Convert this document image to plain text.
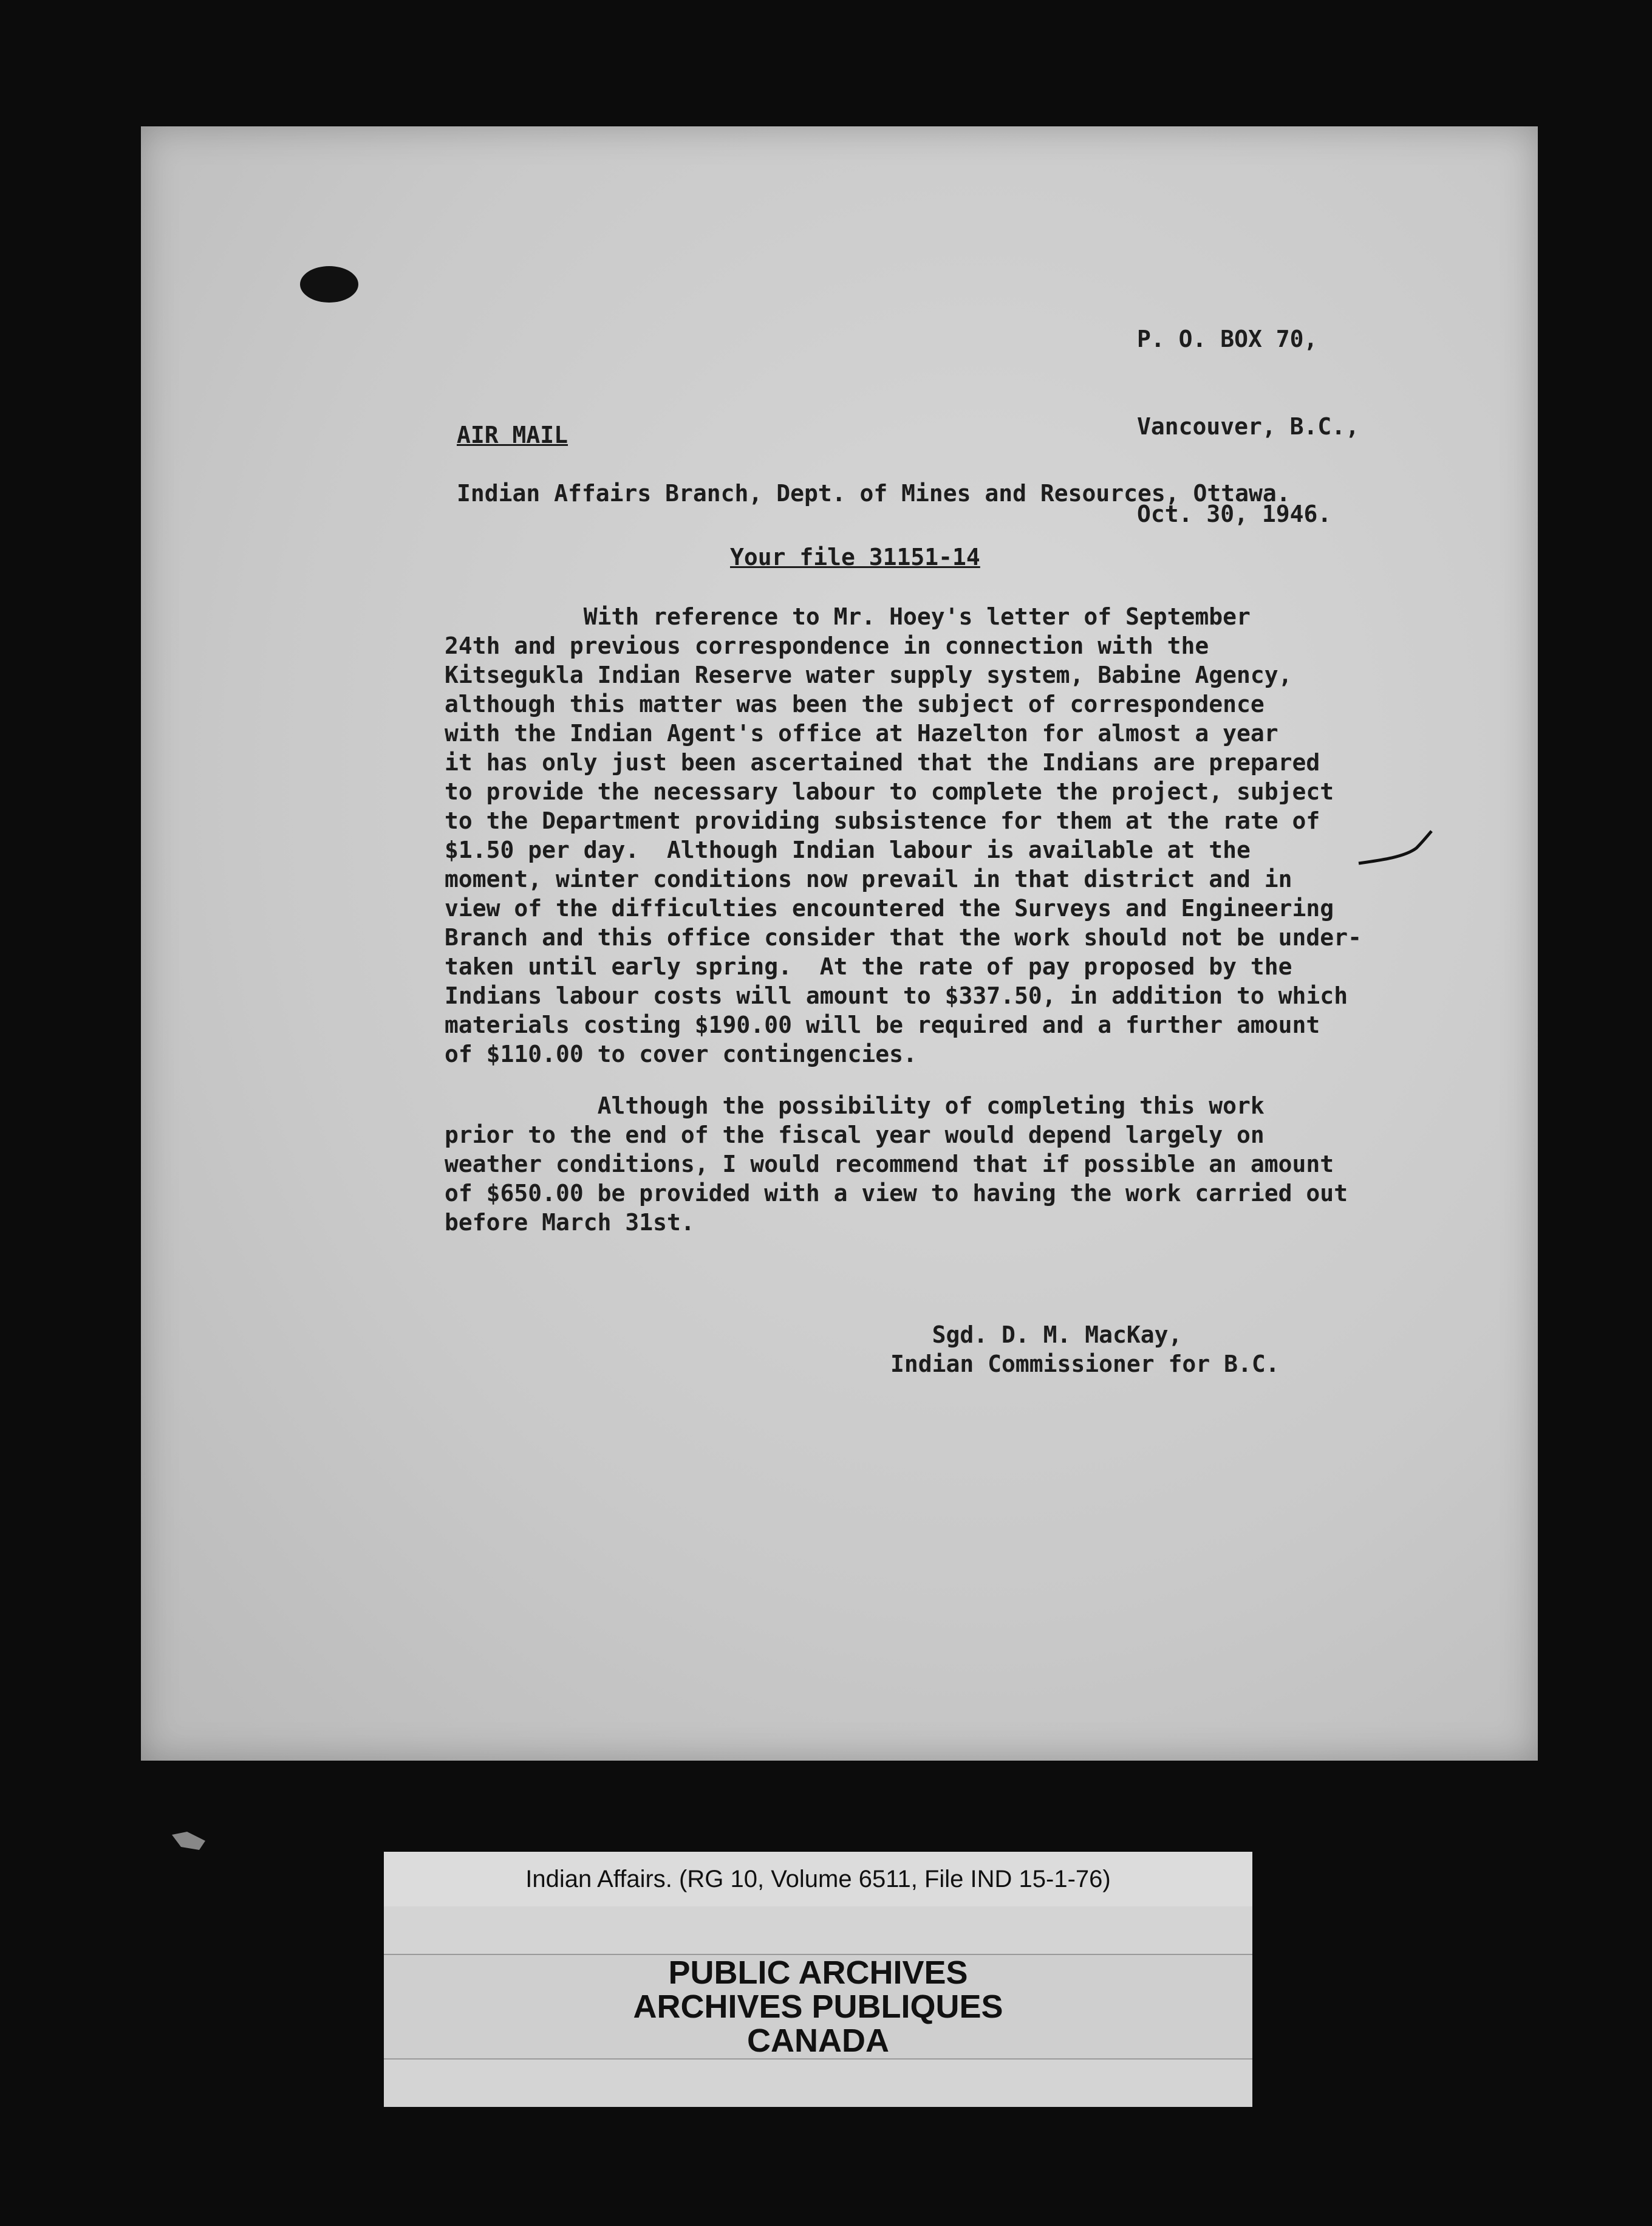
P. O. BOX 70,

Vancouver, B.C.,

Oct. 30, 1946.

AIR MAIL
Indian Affairs Branch, Dept. of Mines and Resources, Ottawa.
Your file 31151-14
With reference to Mr. Hoey's letter of September
24th and previous correspondence in connection with the
Kitsegukla Indian Reserve water supply system, Babine Agency,
although this matter was been the subject of correspondence
with the Indian Agent's office at Hazelton for almost a year
it has only just been ascertained that the Indians are prepared
to provide the necessary labour to complete the project, subject
to the Department providing subsistence for them at the rate of
$1.50 per day.  Although Indian labour is available at the
moment, winter conditions now prevail in that district and in
view of the difficulties encountered the Surveys and Engineering
Branch and this office consider that the work should not be under-
taken until early spring.  At the rate of pay proposed by the
Indians labour costs will amount to $337.50, in addition to which
materials costing $190.00 will be required and a further amount
of $110.00 to cover contingencies.
Although the possibility of completing this work
prior to the end of the fiscal year would depend largely on
weather conditions, I would recommend that if possible an amount
of $650.00 be provided with a view to having the work carried out
before March 31st.
Sgd. D. M. MacKay,
Indian Commissioner for B.C.
Indian Affairs. (RG 10, Volume 6511, File IND 15-1-76)
PUBLIC ARCHIVES
ARCHIVES PUBLIQUES
CANADA
